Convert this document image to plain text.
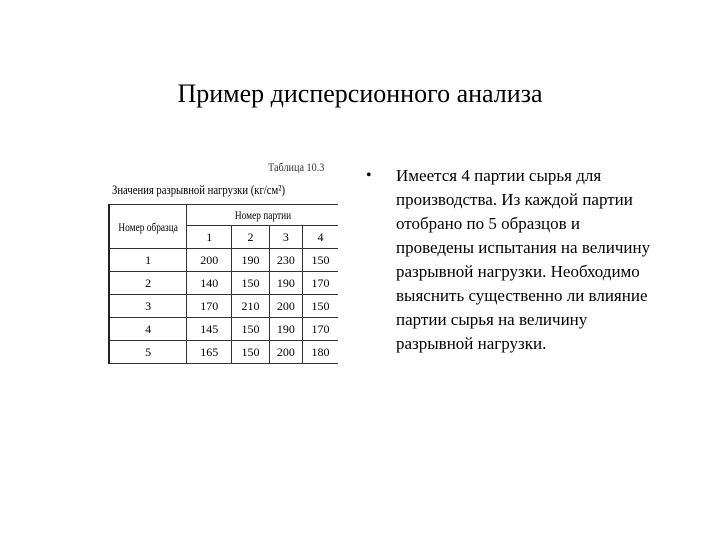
Пример дисперсионного анализа
Таблица 10.3
Значения разрывной нагрузки (кг/см²)
Номер образца	Номер партии			
	1	2	3	4
1	200	190	230	150
2	140	150	190	170
3	170	210	200	150
4	145	150	190	170
5	165	150	200	180
• Имеется 4 партии сырья для производства. Из каждой партии отобрано по 5 образцов и проведены испытания на величину разрывной нагрузки. Необходимо выяснить существенно ли влияние партии сырья на величину разрывной нагрузки.
